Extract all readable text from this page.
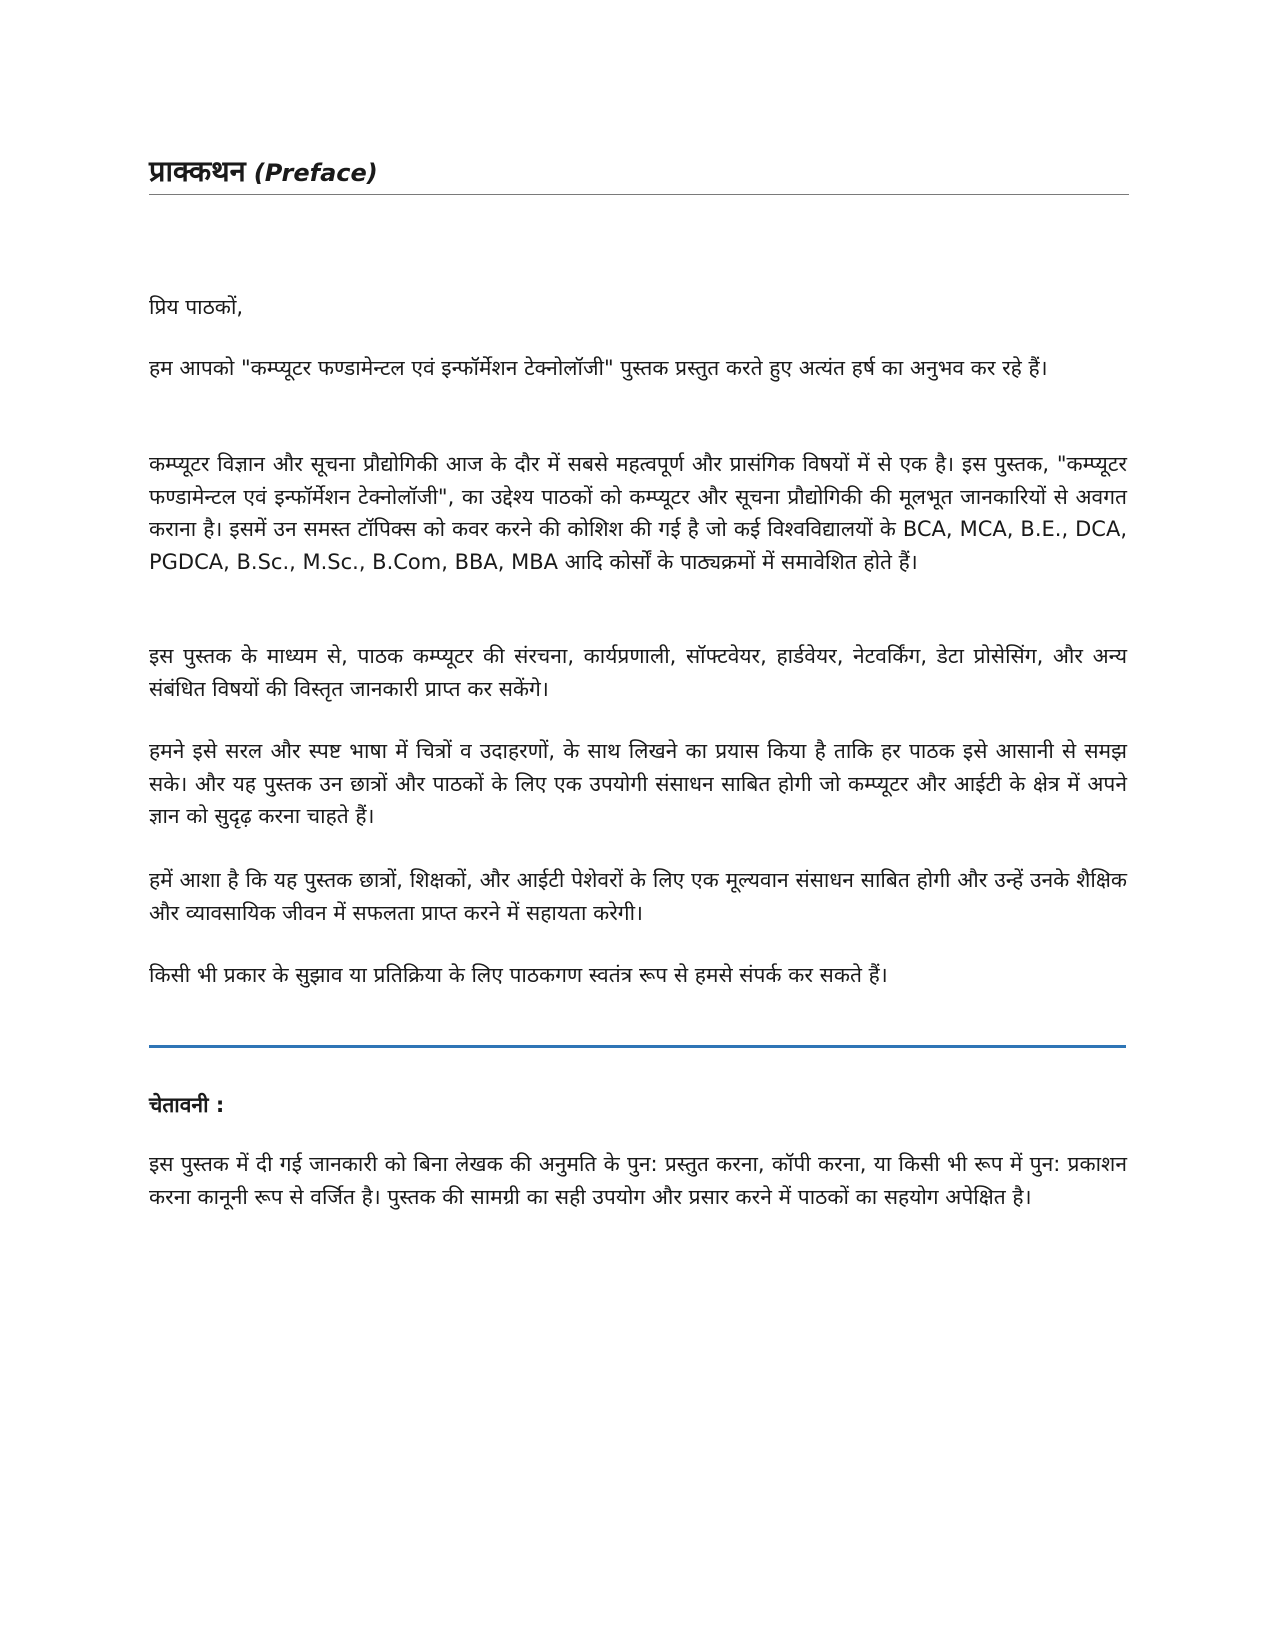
प्राक्कथन (Preface)

प्रिय पाठकों,

हम आपको "कम्प्यूटर फण्डामेन्टल एवं इन्फॉर्मेशन टेक्नोलॉजी" पुस्तक प्रस्तुत करते हुए अत्यंत हर्ष का अनुभव कर रहे हैं।

कम्प्यूटर विज्ञान और सूचना प्रौद्योगिकी आज के दौर में सबसे महत्वपूर्ण और प्रासंगिक विषयों में से एक है। इस पुस्तक, "कम्प्यूटर फण्डामेन्टल एवं इन्फॉर्मेशन टेक्नोलॉजी", का उद्देश्य पाठकों को कम्प्यूटर और सूचना प्रौद्योगिकी की मूलभूत जानकारियों से अवगत कराना है। इसमें उन समस्त टॉपिक्स को कवर करने की कोशिश की गई है जो कई विश्वविद्यालयों के BCA, MCA, B.E., DCA, PGDCA, B.Sc., M.Sc., B.Com, BBA, MBA आदि कोर्सों के पाठ्यक्रमों में समावेशित होते हैं।

इस पुस्तक के माध्यम से, पाठक कम्प्यूटर की संरचना, कार्यप्रणाली, सॉफ्टवेयर, हार्डवेयर, नेटवर्किंग, डेटा प्रोसेसिंग, और अन्य संबंधित विषयों की विस्तृत जानकारी प्राप्त कर सकेंगे।

हमने इसे सरल और स्पष्ट भाषा में चित्रों व उदाहरणों, के साथ लिखने का प्रयास किया है ताकि हर पाठक इसे आसानी से समझ सके। और यह पुस्तक उन छात्रों और पाठकों के लिए एक उपयोगी संसाधन साबित होगी जो कम्प्यूटर और आईटी के क्षेत्र में अपने ज्ञान को सुदृढ़ करना चाहते हैं।

हमें आशा है कि यह पुस्तक छात्रों, शिक्षकों, और आईटी पेशेवरों के लिए एक मूल्यवान संसाधन साबित होगी और उन्हें उनके शैक्षिक और व्यावसायिक जीवन में सफलता प्राप्त करने में सहायता करेगी।

किसी भी प्रकार के सुझाव या प्रतिक्रिया के लिए पाठकगण स्वतंत्र रूप से हमसे संपर्क कर सकते हैं।

चेतावनी :

इस पुस्तक में दी गई जानकारी को बिना लेखक की अनुमति के पुन: प्रस्तुत करना, कॉपी करना, या किसी भी रूप में पुन: प्रकाशन करना कानूनी रूप से वर्जित है। पुस्तक की सामग्री का सही उपयोग और प्रसार करने में पाठकों का सहयोग अपेक्षित है।
